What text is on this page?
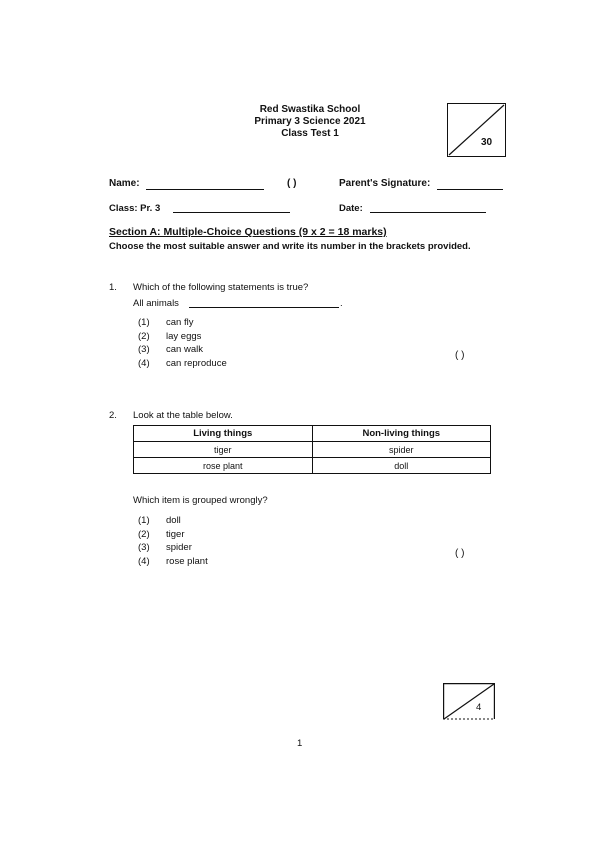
Red Swastika School
Primary 3 Science 2021
Class Test 1
30
Name:	( )	Parent's Signature:
Class: Pr. 3	Date:
Section A: Multiple-Choice Questions (9 x 2 = 18 marks)
Choose the most suitable answer and write its number in the brackets provided.
1. Which of the following statements is true?
All animals	.
(1) can fly
(2) lay eggs
(3) can walk
(4) can reproduce
( )
2. Look at the table below.
Living things	Non-living things
tiger	spider
rose plant	doll
Which item is grouped wrongly?
(1) doll
(2) tiger
(3) spider
(4) rose plant
( )
4
1
